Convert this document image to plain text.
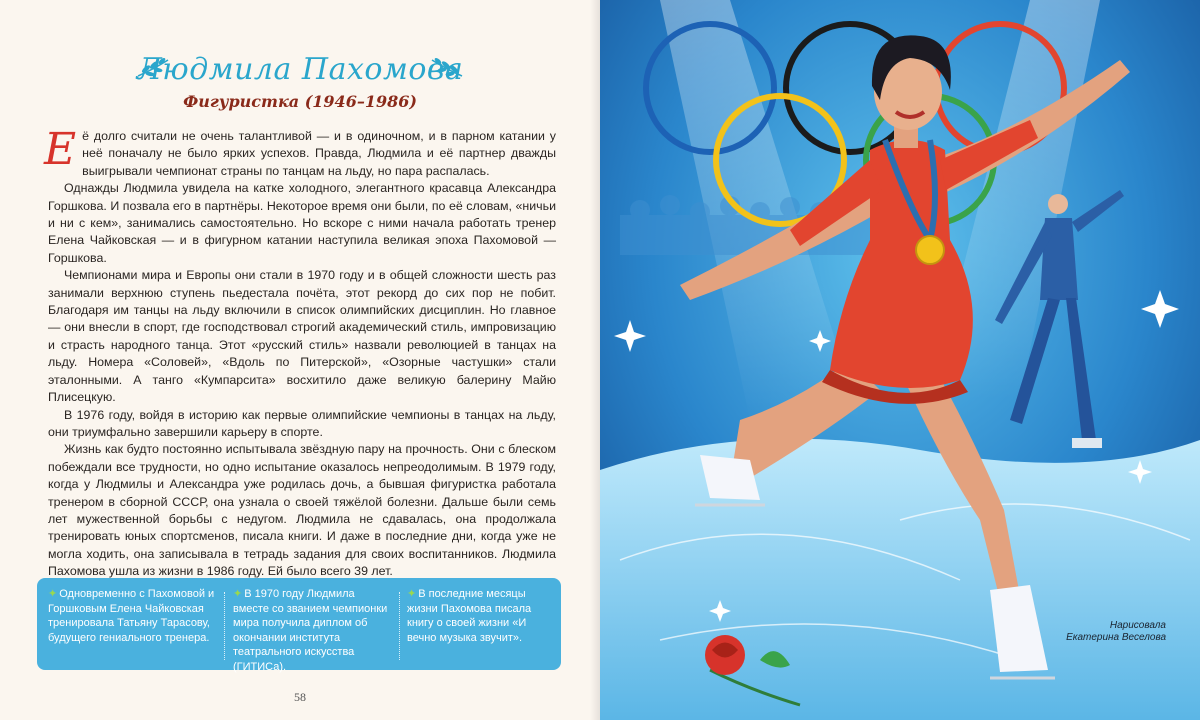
Людмила Пахомова
Фигуристка (1946–1986)

Её долго считали не очень талантливой — и в одиночном, и в парном катании у неё поначалу не было ярких успехов. Правда, Людмила и её партнер дважды выигрывали чемпионат страны по танцам на льду, но пара распалась.

Однажды Людмила увидела на катке холодного, элегантного красавца Александра Горшкова. И позвала его в партнёры. Некоторое время они были, по её словам, «ничьи и ни с кем», занимались самостоятельно. Но вскоре с ними начала работать тренер Елена Чайковская — и в фигурном катании наступила великая эпоха Пахомовой — Горшкова.

Чемпионами мира и Европы они стали в 1970 году и в общей сложности шесть раз занимали верхнюю ступень пьедестала почёта, этот рекорд до сих пор не побит. Благодаря им танцы на льду включили в список олимпийских дисциплин. Но главное — они внесли в спорт, где господствовал строгий академический стиль, импровизацию и страсть народного танца. Этот «русский стиль» назвали революцией в танцах на льду. Номера «Соловей», «Вдоль по Питерской», «Озорные частушки» стали эталонными. А танго «Кумпарсита» восхитило даже великую балерину Майю Плисецкую.

В 1976 году, войдя в историю как первые олимпийские чемпионы в танцах на льду, они триумфально завершили карьеру в спорте.

Жизнь как будто постоянно испытывала звёздную пару на прочность. Они с блеском побеждали все трудности, но одно испытание оказалось непреодолимым. В 1979 году, когда у Людмилы и Александра уже родилась дочь, а бывшая фигуристка работала тренером в сборной СССР, она узнала о своей тяжёлой болезни. Дальше были семь лет мужественной борьбы с недугом. Людмила не сдавалась, она продолжала тренировать юных спортсменов, писала книги. И даже в последние дни, когда уже не могла ходить, она записывала в тетрадь задания для своих воспитанников. Людмила Пахомова ушла из жизни в 1986 году. Ей было всего 39 лет.

✦ Одновременно с Пахомовой и Горшковым Елена Чайковская тренировала Татьяну Тарасову, будущего гениального тренера.
✦ В 1970 году Людмила вместе со званием чемпионки мира получила диплом об окончании института театрального искусства (ГИТИСа).
✦ В последние месяцы жизни Пахомова писала книгу о своей жизни «И вечно музыка звучит».
58
Нарисовала
Екатерина Веселова
